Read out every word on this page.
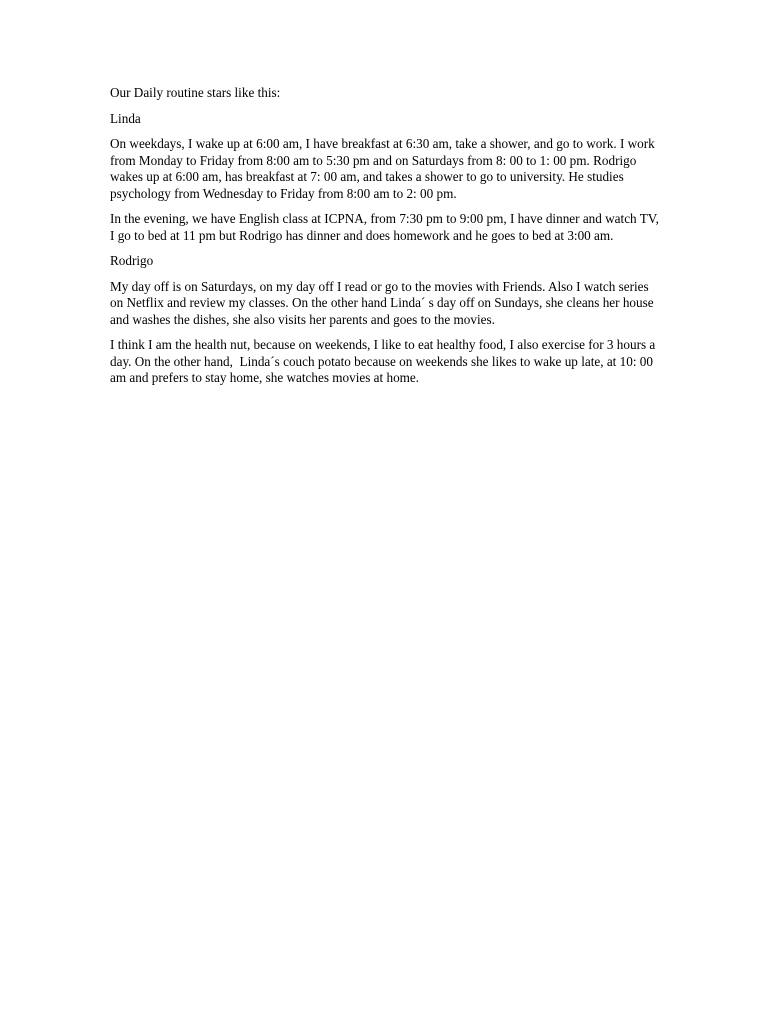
Our Daily routine stars like this:

Linda

On weekdays, I wake up at 6:00 am, I have breakfast at 6:30 am, take a shower, and go to work. I work from Monday to Friday from 8:00 am to 5:30 pm and on Saturdays from 8: 00 to 1: 00 pm. Rodrigo wakes up at 6:00 am, has breakfast at 7: 00 am, and takes a shower to go to university. He studies psychology from Wednesday to Friday from 8:00 am to 2: 00 pm.

In the evening, we have English class at ICPNA, from 7:30 pm to 9:00 pm, I have dinner and watch TV, I go to bed at 11 pm but Rodrigo has dinner and does homework and he goes to bed at 3:00 am.

Rodrigo

My day off is on Saturdays, on my day off I read or go to the movies with Friends. Also I watch series on Netflix and review my classes. On the other hand Linda´ s day off on Sundays, she cleans her house and washes the dishes, she also visits her parents and goes to the movies.

I think I am the health nut, because on weekends, I like to eat healthy food, I also exercise for 3 hours a day. On the other hand,  Linda´s couch potato because on weekends she likes to wake up late, at 10: 00 am and prefers to stay home, she watches movies at home.
